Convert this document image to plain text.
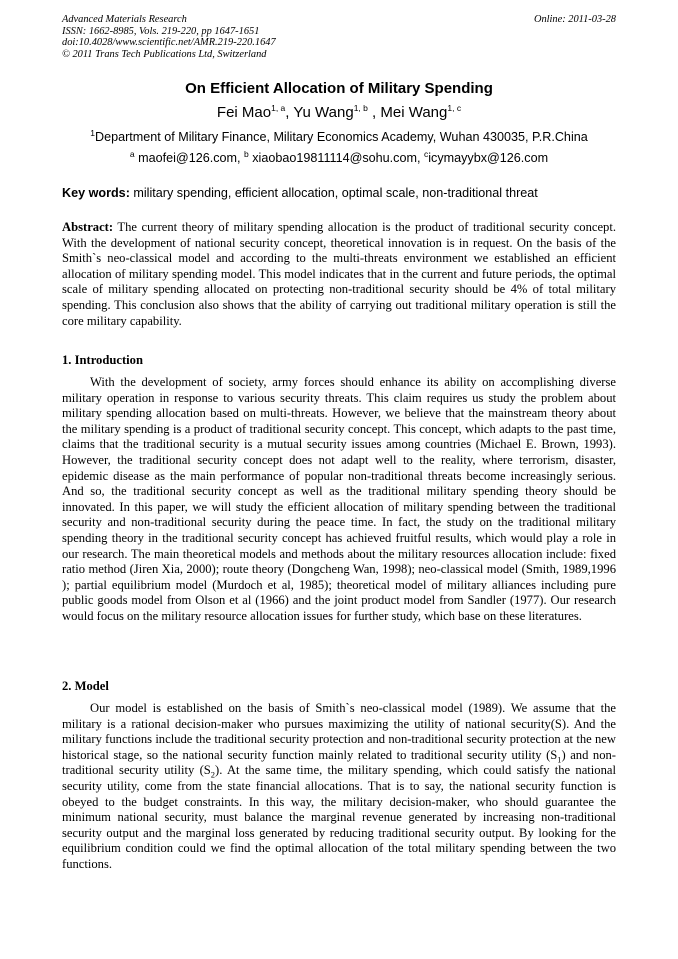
Advanced Materials Research
ISSN: 1662-8985, Vols. 219-220, pp 1647-1651
doi:10.4028/www.scientific.net/AMR.219-220.1647
© 2011 Trans Tech Publications Ltd, Switzerland
Online: 2011-03-28
On Efficient Allocation of Military Spending
Fei Mao$^{1, a}$, Yu Wang$^{1, b}$ , Mei Wang$^{1, c}$
$^1$Department of Military Finance, Military Economics Academy, Wuhan 430035, P.R.China
$^a$ maofei@126.com, $^b$ xiaobao19811114@sohu.com, $^c$icymayybx@126.com
Key words: military spending, efficient allocation, optimal scale, non-traditional threat
Abstract: The current theory of military spending allocation is the product of traditional security concept. With the development of national security concept, theoretical innovation is in request. On the basis of the Smith`s neo-classical model and according to the multi-threats environment we established an efficient allocation of military spending model. This model indicates that in the current and future periods, the optimal scale of military spending allocated on protecting non-traditional security should be 4% of total military spending. This conclusion also shows that the ability of carrying out traditional military operation is still the core military capability.
1. Introduction
With the development of society, army forces should enhance its ability on accomplishing diverse military operation in response to various security threats. This claim requires us study the problem about military spending allocation based on multi-threats. However, we believe that the mainstream theory about the military spending is a product of traditional security concept. This concept, which adapts to the past time, claims that the traditional security is a mutual security issues among countries (Michael E. Brown, 1993). However, the traditional security concept does not adapt well to the reality, where terrorism, disaster, epidemic disease as the main performance of popular non-traditional threats become increasingly serious. And so, the traditional security concept as well as the traditional military spending theory should be innovated. In this paper, we will study the efficient allocation of military spending between the traditional security and non-traditional security during the peace time. In fact, the study on the traditional military spending theory in the traditional security concept has achieved fruitful results, which would play a role in our research. The main theoretical models and methods about the military resources allocation include: fixed ratio method (Jiren Xia, 2000); route theory (Dongcheng Wan, 1998); neo-classical model (Smith, 1989,1996 ); partial equilibrium model (Murdoch et al, 1985); theoretical model of military alliances including pure public goods model from Olson et al (1966) and the joint product model from Sandler (1977). Our research would focus on the military resource allocation issues for further study, which base on these literatures.
2. Model
Our model is established on the basis of Smith`s neo-classical model (1989). We assume that the military is a rational decision-maker who pursues maximizing the utility of national security(S). And the military functions include the traditional security protection and non-traditional security protection at the new historical stage, so the national security function mainly related to traditional security utility $(S_1)$ and non-traditional security utility $(S_2)$. At the same time, the military spending, which could satisfy the national security utility, come from the state financial allocations. That is to say, the national security function is obeyed to the budget constraints. In this way, the military decision-maker, who should guarantee the minimum national security, must balance the marginal revenue generated by increasing non-traditional security output and the marginal loss generated by reducing traditional security output. By looking for the equilibrium condition could we find the optimal allocation of the total military spending between the two functions.
